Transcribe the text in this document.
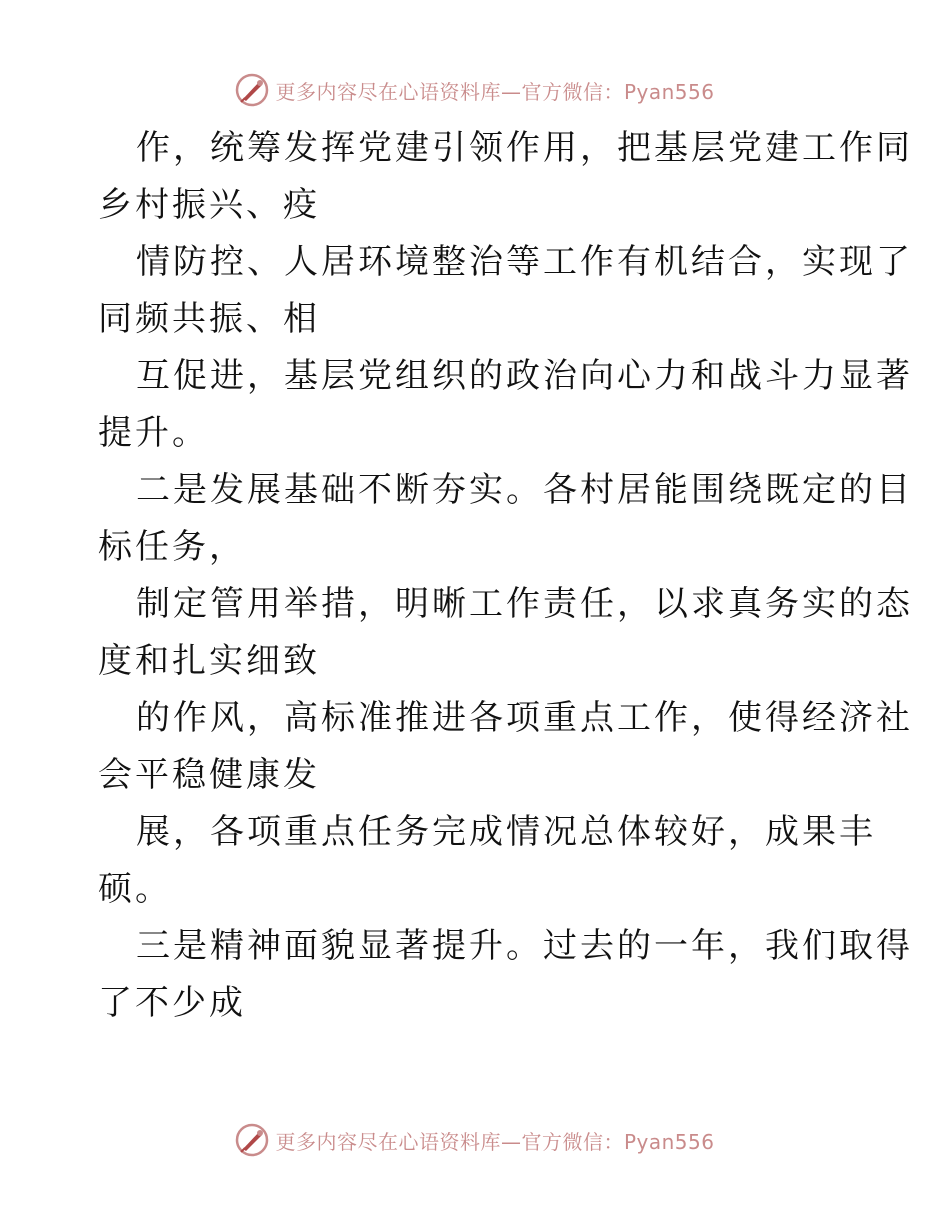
更多内容尽在心语资料库—官方微信：Pyan556

作，统筹发挥党建引领作用，把基层党建工作同
乡村振兴、疫

情防控、人居环境整治等工作有机结合，实现了
同频共振、相

互促进，基层党组织的政治向心力和战斗力显著
提升。

二是发展基础不断夯实。各村居能围绕既定的目
标任务，

制定管用举措，明晰工作责任，以求真务实的态
度和扎实细致

的作风，高标准推进各项重点工作，使得经济社
会平稳健康发

展，各项重点任务完成情况总体较好，成果丰
硕。

三是精神面貌显著提升。过去的一年，我们取得
了不少成

更多内容尽在心语资料库—官方微信：Pyan556
